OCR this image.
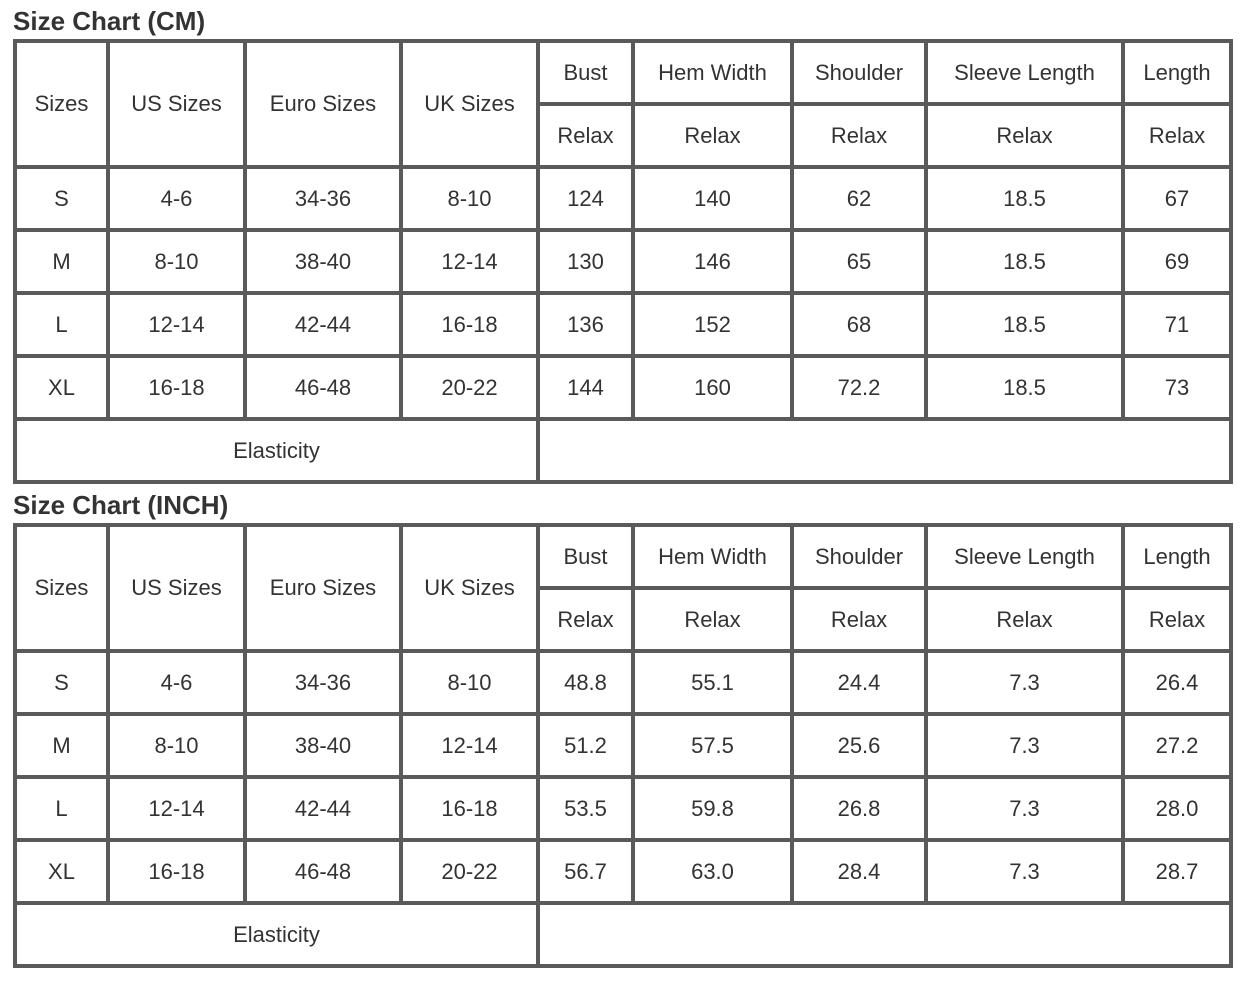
Size Chart (CM)
Sizes	US Sizes	Euro Sizes	UK Sizes	Bust	Hem Width	Shoulder	Sleeve Length	Length
				Relax	Relax	Relax	Relax	Relax
S	4-6	34-36	8-10	124	140	62	18.5	67
M	8-10	38-40	12-14	130	146	65	18.5	69
L	12-14	42-44	16-18	136	152	68	18.5	71
XL	16-18	46-48	20-22	144	160	72.2	18.5	73
Elasticity								
Size Chart (INCH)
Sizes	US Sizes	Euro Sizes	UK Sizes	Bust	Hem Width	Shoulder	Sleeve Length	Length
				Relax	Relax	Relax	Relax	Relax
S	4-6	34-36	8-10	48.8	55.1	24.4	7.3	26.4
M	8-10	38-40	12-14	51.2	57.5	25.6	7.3	27.2
L	12-14	42-44	16-18	53.5	59.8	26.8	7.3	28.0
XL	16-18	46-48	20-22	56.7	63.0	28.4	7.3	28.7
Elasticity								
